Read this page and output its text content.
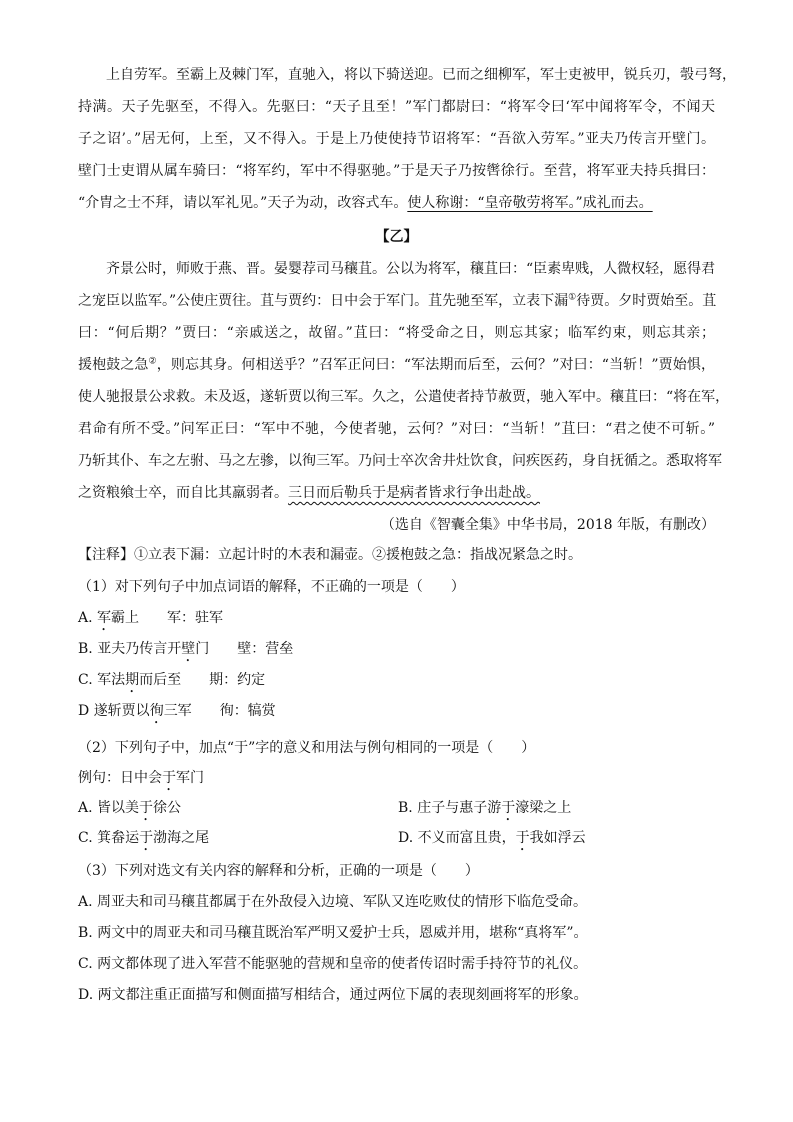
上自劳军。至霸上及棘门军，直驰入，将以下骑送迎。已而之细柳军，军士吏被甲，锐兵刃，彀弓弩，
持满。天子先驱至，不得入。先驱曰：“天子且至！”军门都尉曰：“将军令曰‘军中闻将军令，不闻天
子之诏’。”居无何，上至，又不得入。于是上乃使使持节诏将军：“吾欲入劳军。”亚夫乃传言开壁门。
壁门士吏谓从属车骑曰：“将军约，军中不得驱驰。”于是天子乃按辔徐行。至营，将军亚夫持兵揖曰：
“介胄之士不拜，请以军礼见。”天子为动，改容式车。使人称谢：“皇帝敬劳将军。”成礼而去。
【乙】
齐景公时，师败于燕、晋。晏婴荐司马穰苴。公以为将军，穰苴曰：“臣素卑贱，人微权轻，愿得君
之宠臣以监军。”公使庄贾往。苴与贾约：日中会于军门。苴先驰至军，立表下漏①待贾。夕时贾始至。苴
曰：“何后期？”贾曰：“亲戚送之，故留。”苴曰：“将受命之日，则忘其家；临军约束，则忘其亲；
援枹鼓之急②，则忘其身。何相送乎？”召军正问曰：“军法期而后至，云何？”对曰：“当斩！”贾始惧，
使人驰报景公求救。未及返，遂斩贾以徇三军。久之，公遣使者持节赦贾，驰入军中。穰苴曰：“将在军，
君命有所不受。”问军正曰：“军中不驰，今使者驰，云何？”对曰：“当斩！”苴曰：“君之使不可斩。”
乃斩其仆、车之左驸、马之左骖，以徇三军。乃问士卒次舍井灶饮食，问疾医药，身自抚循之。悉取将军
之资粮飨士卒，而自比其羸弱者。三日而后勒兵于是病者皆求行争出赴战。
（选自《智囊全集》中华书局，2018 年版，有删改）
【注释】①立表下漏：立起计时的木表和漏壶。②援枹鼓之急：指战况紧急之时。
（1）对下列句子中加点词语的解释，不正确的一项是（　　）
A. 军霸上 军：驻军
B. 亚夫乃传言开壁门 壁：营垒
C. 军法期而后至 期：约定
D 遂斩贾以徇三军 徇：犒赏
（2）下列句子中，加点“于”字的意义和用法与例句相同的一项是（　　）
例句：日中会于军门
A. 皆以美于徐公	B. 庄子与惠子游于濠梁之上
C. 箕畚运于渤海之尾	D. 不义而富且贵，于我如浮云
（3）下列对选文有关内容的解释和分析，正确的一项是（　　）
A. 周亚夫和司马穰苴都属于在外敌侵入边境、军队又连吃败仗的情形下临危受命。
B. 两文中的周亚夫和司马穰苴既治军严明又爱护士兵，恩威并用，堪称“真将军”。
C. 两文都体现了进入军营不能驱驰的营规和皇帝的使者传诏时需手持符节的礼仪。
D. 两文都注重正面描写和侧面描写相结合，通过两位下属的表现刻画将军的形象。
